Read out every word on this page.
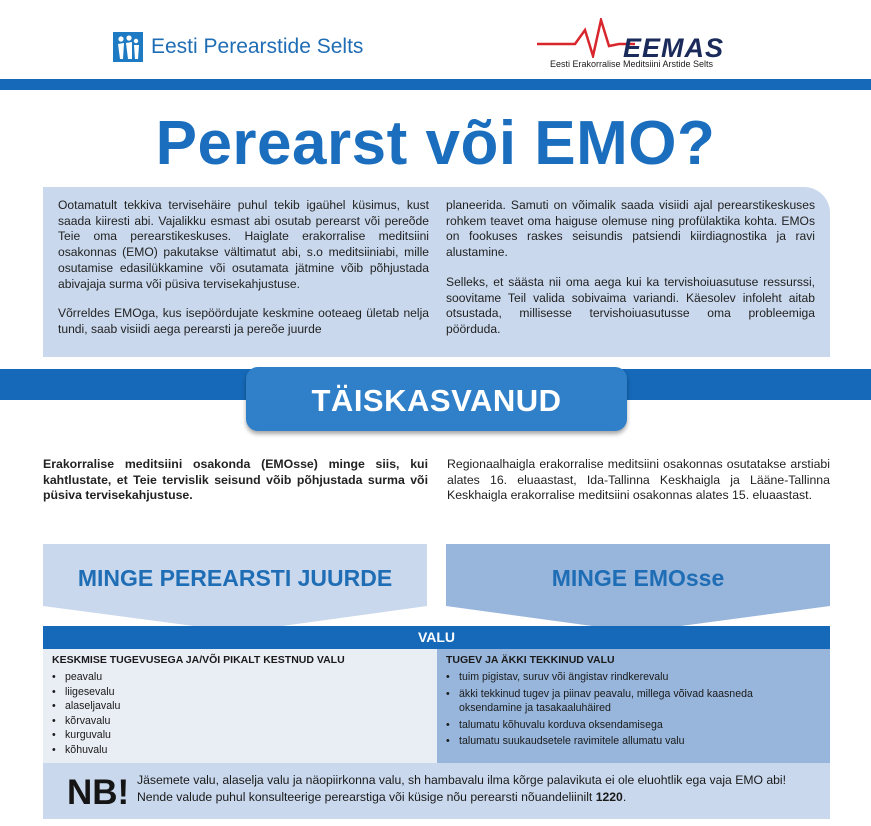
Eesti Perearstide Selts	EEMAS
Eesti Erakorralise Meditsiini Arstide Selts
Perearst või EMO?

Ootamatult tekkiva tervisehäire puhul tekib igaühel küsimus, kust saada kiiresti abi. Vajalikku esmast abi osutab perearst või pereõde Teie oma perearstikeskuses. Haiglate erakorralise meditsiini osakonnas (EMO) pakutakse vältimatut abi, s.o meditsiiniabi, mille osutamise edasilükkamine või osutamata jätmine võib põhjustada abivajaja surma või püsiva tervisekahjustuse.

Võrreldes EMOga, kus isepöördujate keskmine ooteaeg ületab nelja tundi, saab visiidi aega perearsti ja pereõe juurde

planeerida. Samuti on võimalik saada visiidi ajal perearstikeskuses rohkem teavet oma haiguse olemuse ning profülaktika kohta. EMOs on fookuses raskes seisundis patsiendi kiirdiagnostika ja ravi alustamine.

Selleks, et säästa nii oma aega kui ka tervishoiuasutuse ressurssi, soovitame Teil valida sobivaima variandi. Käesolev infoleht aitab otsustada, millisesse tervishoiuasutusse oma probleemiga pöörduda.

TÄISKASVANUD
Erakorralise meditsiini osakonda (EMOsse) minge siis, kui kahtlustate, et Teie tervislik seisund võib põhjustada surma või püsiva tervisekahjustuse.
Regionaalhaigla erakorralise meditsiini osakonnas osutatakse arstiabi alates 16. eluaastast, Ida-Tallinna Keskhaigla ja Lääne-Tallinna Keskhaigla erakorralise meditsiini osakonnas alates 15. eluaastast.
MINGE PEREARSTI JUURDE	MINGE EMOsse
VALU
KESKMISE TUGEVUSEGA JA/VÕI PIKALT KESTNUD VALU
• peavalu
• liigesevalu
• alaseljavalu
• kõrvavalu
• kurguvalu
• kõhuvalu
TUGEV JA ÄKKI TEKKINUD VALU
• tuim pigistav, suruv või ängistav rindkerevalu
• äkki tekkinud tugev ja piinav peavalu, millega võivad kaasneda oksendamine ja tasakaaluhäired
• talumatu kõhuvalu korduva oksendamisega
• talumatu suukaudsetele ravimitele allumatu valu
NB! Jäsemete valu, alaselja valu ja näopiirkonna valu, sh hambavalu ilma kõrge palavikuta ei ole eluohtlik ega vaja EMO abi!
Nende valude puhul konsulteerige perearstiga või küsige nõu perearsti nõuandeliinilt 1220.
